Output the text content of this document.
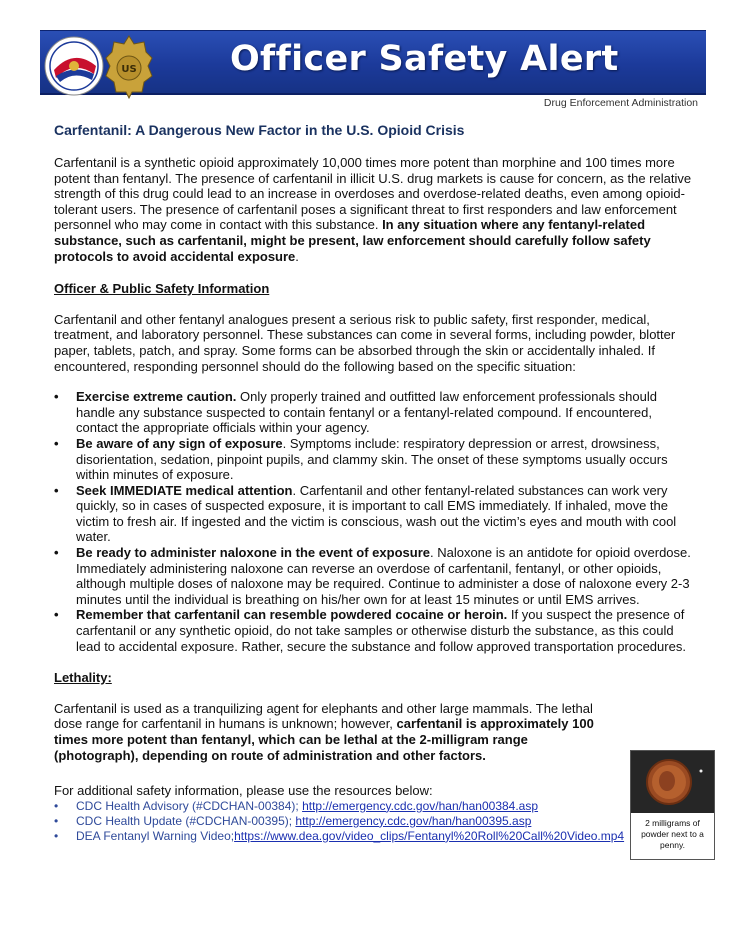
Officer Safety Alert
US
Drug Enforcement Administration
Carfentanil: A Dangerous New Factor in the U.S. Opioid Crisis

Carfentanil is a synthetic opioid approximately 10,000 times more potent than morphine and 100 times more potent than fentanyl. The presence of carfentanil in illicit U.S. drug markets is cause for concern, as the relative strength of this drug could lead to an increase in overdoses and overdose-related deaths, even among opioid-tolerant users. The presence of carfentanil poses a significant threat to first responders and law enforcement personnel who may come in contact with this substance. In any situation where any fentanyl-related substance, such as carfentanil, might be present, law enforcement should carefully follow safety protocols to avoid accidental exposure.

Officer & Public Safety Information

Carfentanil and other fentanyl analogues present a serious risk to public safety, first responder, medical, treatment, and laboratory personnel. These substances can come in several forms, including powder, blotter paper, tablets, patch, and spray. Some forms can be absorbed through the skin or accidentally inhaled. If encountered, responding personnel should do the following based on the specific situation:

• Exercise extreme caution. Only properly trained and outfitted law enforcement professionals should handle any substance suspected to contain fentanyl or a fentanyl-related compound. If encountered, contact the appropriate officials within your agency.
• Be aware of any sign of exposure. Symptoms include: respiratory depression or arrest, drowsiness, disorientation, sedation, pinpoint pupils, and clammy skin. The onset of these symptoms usually occurs within minutes of exposure.
• Seek IMMEDIATE medical attention. Carfentanil and other fentanyl-related substances can work very quickly, so in cases of suspected exposure, it is important to call EMS immediately. If inhaled, move the victim to fresh air. If ingested and the victim is conscious, wash out the victim’s eyes and mouth with cool water.
• Be ready to administer naloxone in the event of exposure. Naloxone is an antidote for opioid overdose. Immediately administering naloxone can reverse an overdose of carfentanil, fentanyl, or other opioids, although multiple doses of naloxone may be required. Continue to administer a dose of naloxone every 2-3 minutes until the individual is breathing on his/her own for at least 15 minutes or until EMS arrives.
• Remember that carfentanil can resemble powdered cocaine or heroin. If you suspect the presence of carfentanil or any synthetic opioid, do not take samples or otherwise disturb the substance, as this could lead to accidental exposure. Rather, secure the substance and follow approved transportation procedures.
Lethality:

Carfentanil is used as a tranquilizing agent for elephants and other large mammals. The lethal dose range for carfentanil in humans is unknown; however, carfentanil is approximately 100 times more potent than fentanyl, which can be lethal at the 2-milligram range (photograph), depending on route of administration and other factors.

For additional safety information, please use the resources below:

• CDC Health Advisory (#CDCHAN-00384); http://emergency.cdc.gov/han/han00384.asp
• CDC Health Update (#CDCHAN-00395); http://emergency.cdc.gov/han/han00395.asp
• DEA Fentanyl Warning Video;https://www.dea.gov/video_clips/Fentanyl%20Roll%20Call%20Video.mp4
2 milligrams of powder next to a penny.
